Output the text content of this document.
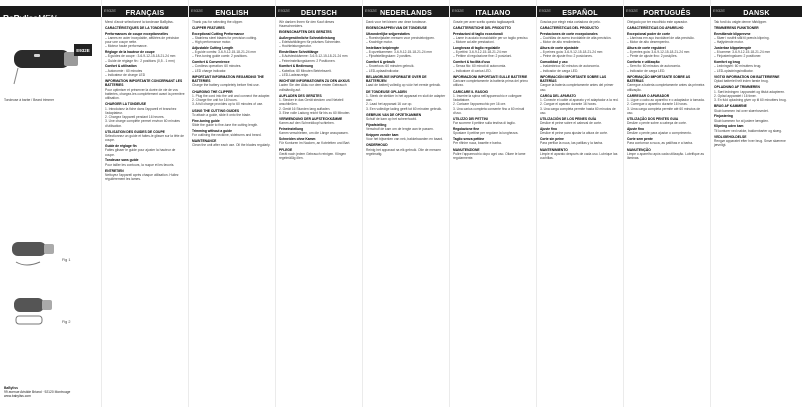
BaBylissMEN
E932E
Tondeuse à barbe / Beard trimmer
Fig 1
Fig 2
BaByliss
99 avenue Aristide Briand · 92120 Montrouge
www.babyliss.com
E932E	FRANÇAIS
Merci d'avoir sélectionné la tondeuse BaByliss.
CARACTÉRISTIQUES DE LA TONDEUSE
Performances de coupe exceptionnelles
– Lames en acier inoxydable, affûtées de précision pour une coupe nette.
– Moteur haute performance.
Réglage de la hauteur de coupe
– 8 guides de coupe : 3-6-9-12-15-18-21-24 mm
– Guide de réglage fin : 2 positions (0,5 - 1 mm)
Confort & utilisation
– Autonomie : 60 minutes
– Indicateur de charge LED
INFORMATION IMPORTANTE CONCERNANT LES BATTERIES
Pour optimiser et préserver la durée de vie de vos batteries, chargez-les complètement avant la première utilisation.
CHARGER LA TONDEUSE
1. Introduisez la fiche dans l'appareil et branchez l'adaptateur.
2. Chargez l'appareil pendant 16 heures.
3. Une charge complète permet environ 60 minutes d'utilisation.
UTILISATION DES GUIDES DE COUPE
Sélectionnez un guide et faites-le glisser sur la tête de coupe.
Guide de réglage fin
Faites glisser le guide pour ajuster la hauteur de coupe.
Tondeuse sans guide
Pour tailler les contours, la nuque et les favoris.
ENTRETIEN
Nettoyez l'appareil après chaque utilisation. Huilez régulièrement les lames.
E932E	ENGLISH
Thank you for selecting the clipper.
CLIPPER FEATURES
Exceptional Cutting Performance
– Stainless steel blades for precision cutting.
– High performance motor.
Adjustable Cutting Length
– 8 guide combs: 3-6-9-12-15-18-21-24 mm
– Fine-tuning guide comb: 2 positions.
Comfort & Convenience
– Cordless operation: 60 minutes.
– LED charge indicator.
IMPORTANT INFORMATION REGARDING THE BATTERIES
Charge the battery completely before first use.
CHARGING THE CLIPPER
1. Plug the cord into the unit and connect the adapter.
2. Charge the unit for 16 hours.
3. A full charge provides up to 60 minutes of use.
USING THE CUTTING GUIDES
To attach a guide, slide it onto the blade.
Fine-tuning guide
Slide the guide to fine-tune the cutting length.
Trimming without a guide
For outlining the neckline, sideburns and beard.
MAINTENANCE
Clean the unit after each use. Oil the blades regularly.
E932E	DEUTSCH
Wir danken Ihnen für den Kauf dieses Haarschneiders.
EIGENSCHAFTEN DES GERÄTES
Außergewöhnliche Schneidleistung
– Edelstahlklingen für präzises Schneiden.
– Hochleistungsmotor.
Einstellbare Schnittlänge
– 8 Aufsteckkämme: 3-6-9-12-15-18-21-24 mm
– Feineinstellungskamm: 2 Positionen.
Komfort & Bedienung
– Kabellos: 60 Minuten Betriebszeit.
– LED-Ladeanzeige.
WICHTIGE INFORMATIONEN ZU DEN AKKUS
Laden Sie den Akku vor dem ersten Gebrauch vollständig auf.
AUFLADEN DES GERÄTES
1. Stecker in das Gerät stecken und Netzteil anschließen.
2. Gerät 16 Stunden lang aufladen.
3. Eine volle Ladung reicht für bis zu 60 Minuten.
VERWENDUNG DER AUFSTECKKÄMME
Kamm auf den Schneidkopf schieben.
Feineinstellung
Kamm verschieben, um die Länge anzupassen.
Schneiden ohne Kamm
Für Konturen im Nacken, an Koteletten und Bart.
PFLEGE
Gerät nach jedem Gebrauch reinigen. Klingen regelmäßig ölen.
E932E NEDERLANDS
Dank voor het kiezen van deze tondeuse.
EIGENSCHAPPEN VAN DE TONDEUSE
Uitzonderlijke snijprestaties
– Roestvrijstalen messen voor precisieknippen.
– Krachtige motor.
Instelbare kniplengte
– 8 opzetkammen: 3-6-9-12-15-18-21-24 mm
– Fijnafstellingskam: 2 posities.
Comfort & gebruik
– Snoerloos: 60 minuten gebruik.
– LED-oplaadindicator.
BELANGRIJKE INFORMATIE OVER DE BATTERIJEN
Laad de batterij volledig op vóór het eerste gebruik.
DE TONDEUSE OPLADEN
1. Steek de stekker in het apparaat en sluit de adapter aan.
2. Laad het apparaat 16 uur op.
3. Een volledige lading geeft tot 60 minuten gebruik.
GEBRUIK VAN DE OPZETKAMMEN
Schuif de kam op het scheerhoofd.
Fijnafstelling
Verschuif de kam om de lengte aan te passen.
Knippen zonder kam
Voor het bijwerken van nek, bakkebaarden en baard.
ONDERHOUD
Reinig het apparaat na elk gebruik. Olie de messen regelmatig.
E932E	ITALIANO
Grazie per aver scelto questo tagliacapelli.
CARATTERISTICHE DEL PRODOTTO
Prestazioni di taglio eccezionali
– Lame in acciaio inossidabile per un taglio preciso.
– Motore ad alte prestazioni.
Lunghezza di taglio regolabile
– 8 pettini: 3-6-9-12-15-18-21-24 mm
– Pettine di regolazione fine: 2 posizioni.
Comfort & facilità d'uso
– Senza filo: 60 minuti di autonomia.
– Indicatore di carica LED.
INFORMAZIONI IMPORTANTI SULLE BATTERIE
Caricare completamente la batteria prima del primo utilizzo.
CARICARE IL RASOIO
1. Inserire la spina nell'apparecchio e collegare l'adattatore.
2. Caricare l'apparecchio per 16 ore.
3. Una carica completa consente fino a 60 minuti d'uso.
UTILIZZO DEI PETTINI
Far scorrere il pettine sulla testina di taglio.
Regolazione fine
Spostare il pettine per regolare la lunghezza.
Taglio senza pettine
Per rifinire nuca, basette e barba.
MANUTENZIONE
Pulire l'apparecchio dopo ogni uso. Oliare le lame regolarmente.
E932E	ESPAÑOL
Gracias por elegir esta cortadora de pelo.
CARACTERÍSTICAS DEL PRODUCTO
Prestaciones de corte excepcionales
– Cuchillas de acero inoxidable de alta precisión.
– Motor de alto rendimiento.
Altura de corte ajustable
– 8 peines guía: 3-6-9-12-15-18-21-24 mm
– Peine de ajuste fino: 2 posiciones.
Comodidad y uso
– Inalámbrica: 60 minutos de autonomía.
– Indicador de carga LED.
INFORMACIÓN IMPORTANTE SOBRE LAS BATERÍAS
Cargue la batería completamente antes del primer uso.
CARGA DEL APARATO
1. Conecte el cable al aparato y el adaptador a la red.
2. Cargue el aparato durante 16 horas.
3. Una carga completa permite hasta 60 minutos de uso.
UTILIZACIÓN DE LOS PEINES GUÍA
Deslice el peine sobre el cabezal de corte.
Ajuste fino
Deslice el peine para ajustar la altura de corte.
Corte sin peine
Para perfilar la nuca, las patillas y la barba.
MANTENIMIENTO
Limpie el aparato después de cada uso. Lubrique las cuchillas.
E932E PORTUGUÊS
Obrigado por ter escolhido este aparador.
CARACTERÍSTICAS DO APARELHO
Excepcional poder de corte
– Lâminas em aço inoxidável de alta precisão.
– Motor de alto desempenho.
Altura de corte regulável
– 8 pentes guia: 3-6-9-12-15-18-21-24 mm
– Pente de ajuste fino: 2 posições.
Conforto e utilização
– Sem fio: 60 minutos de autonomia.
– Indicador de carga LED.
INFORMAÇÃO IMPORTANTE SOBRE AS BATERIAS
Carregue a bateria completamente antes da primeira utilização.
CARREGAR O APARADOR
1. Ligue o cabo ao aparelho e o adaptador à tomada.
2. Carregue o aparelho durante 16 horas.
3. Uma carga completa permite até 60 minutos de uso.
UTILIZAÇÃO DOS PENTES GUIA
Deslize o pente sobre a cabeça de corte.
Ajuste fino
Deslize o pente para ajustar o comprimento.
Corte sem pente
Para contornar a nuca, as patilhas e a barba.
MANUTENÇÃO
Limpe o aparelho após cada utilização. Lubrifique as lâminas.
E932E	DANSK
Tak fordi du valgte denne hårklipper.
TRIMMERENS FUNKTIONER
Enestående klippeevne
– Skær i rustfrit stål til præcis klipning.
– Højtydende motor.
Justerbar klippelængde
– 8 kamme: 3-6-9-12-15-18-21-24 mm
– Finjusteringskam: 2 positioner.
Komfort og brug
– Ledningsfri: 60 minutters brug.
– LED-opladningsindikator.
VIGTIG INFORMATION OM BATTERIERNE
Oplad batteriet helt inden første brug.
OPLADNING AF TRIMMEREN
1. Sæt ledningen i apparatet og tilslut adapteren.
2. Oplad apparatet i 16 timer.
3. En fuld opladning giver op til 60 minutters brug.
BRUG AF KAMMENE
Skub kammen ind over skærhovedet.
Finjustering
Skub kammen for at justere længden.
Klipning uden kam
Til konturer ved nakke, bakkenbarter og skæg.
VEDLIGEHOLDELSE
Rengør apparatet efter hver brug. Smør skærene jævnligt.
